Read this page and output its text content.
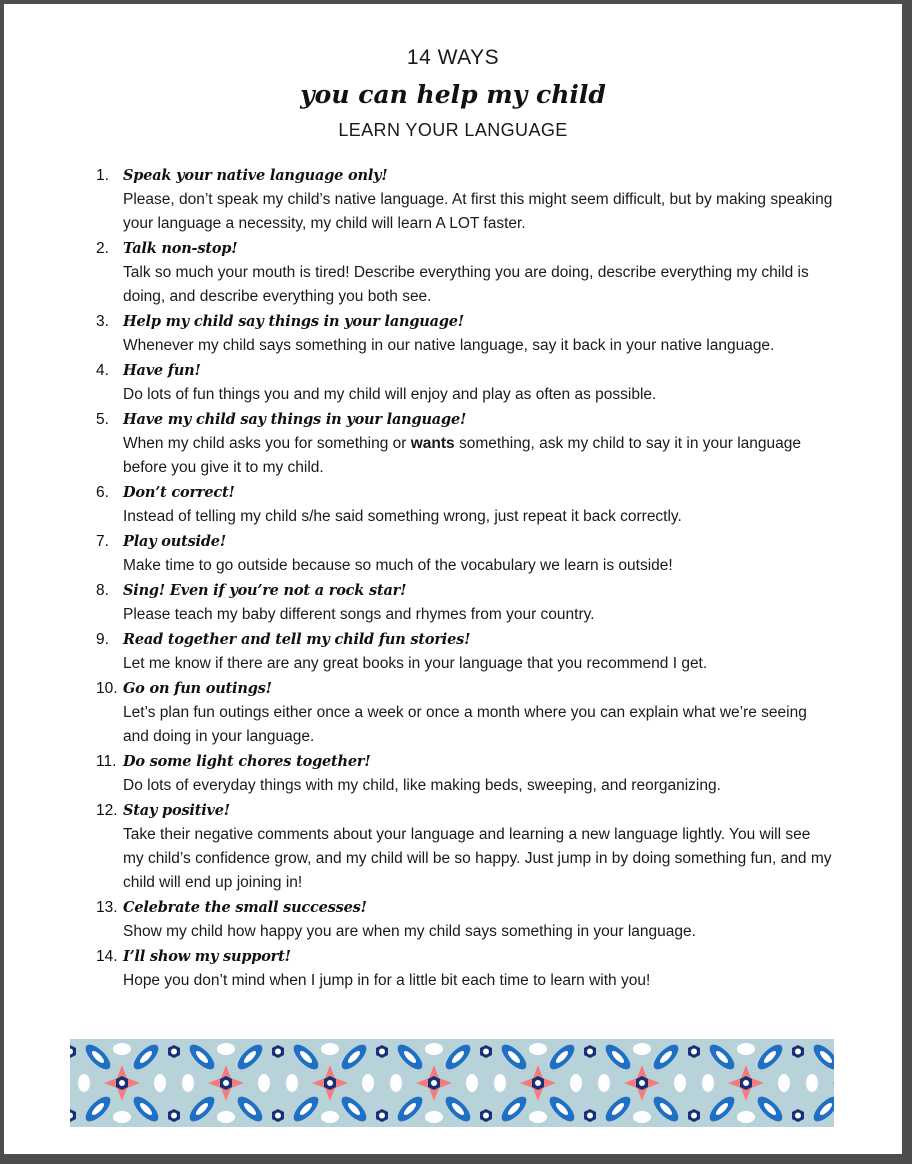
14 WAYS
you can help my child
LEARN YOUR LANGUAGE
1. Speak your native language only!
Please, don’t speak my child’s native language. At first this might seem difficult, but by making speaking your language a necessity, my child will learn A LOT faster.
2. Talk non-stop!
Talk so much your mouth is tired! Describe everything you are doing, describe everything my child is doing, and describe everything you both see.
3. Help my child say things in your language!
Whenever my child says something in our native language, say it back in your native language.
4. Have fun!
Do lots of fun things you and my child will enjoy and play as often as possible.
5. Have my child say things in your language!
When my child asks you for something or wants something, ask my child to say it in your language before you give it to my child.
6. Don’t correct!
Instead of telling my child s/he said something wrong, just repeat it back correctly.
7. Play outside!
Make time to go outside because so much of the vocabulary we learn is outside!
8. Sing! Even if you’re not a rock star!
Please teach my baby different songs and rhymes from your country.
9. Read together and tell my child fun stories!
Let me know if there are any great books in your language that you recommend I get.
10. Go on fun outings!
Let’s plan fun outings either once a week or once a month where you can explain what we’re seeing and doing in your language.
11. Do some light chores together!
Do lots of everyday things with my child, like making beds, sweeping, and reorganizing.
12. Stay positive!
Take their negative comments about your language and learning a new language lightly. You will see my child’s confidence grow, and my child will be so happy. Just jump in by doing something fun, and my child will end up joining in!
13. Celebrate the small successes!
Show my child how happy you are when my child says something in your language.
14. I’ll show my support!
Hope you don’t mind when I jump in for a little bit each time to learn with you!
